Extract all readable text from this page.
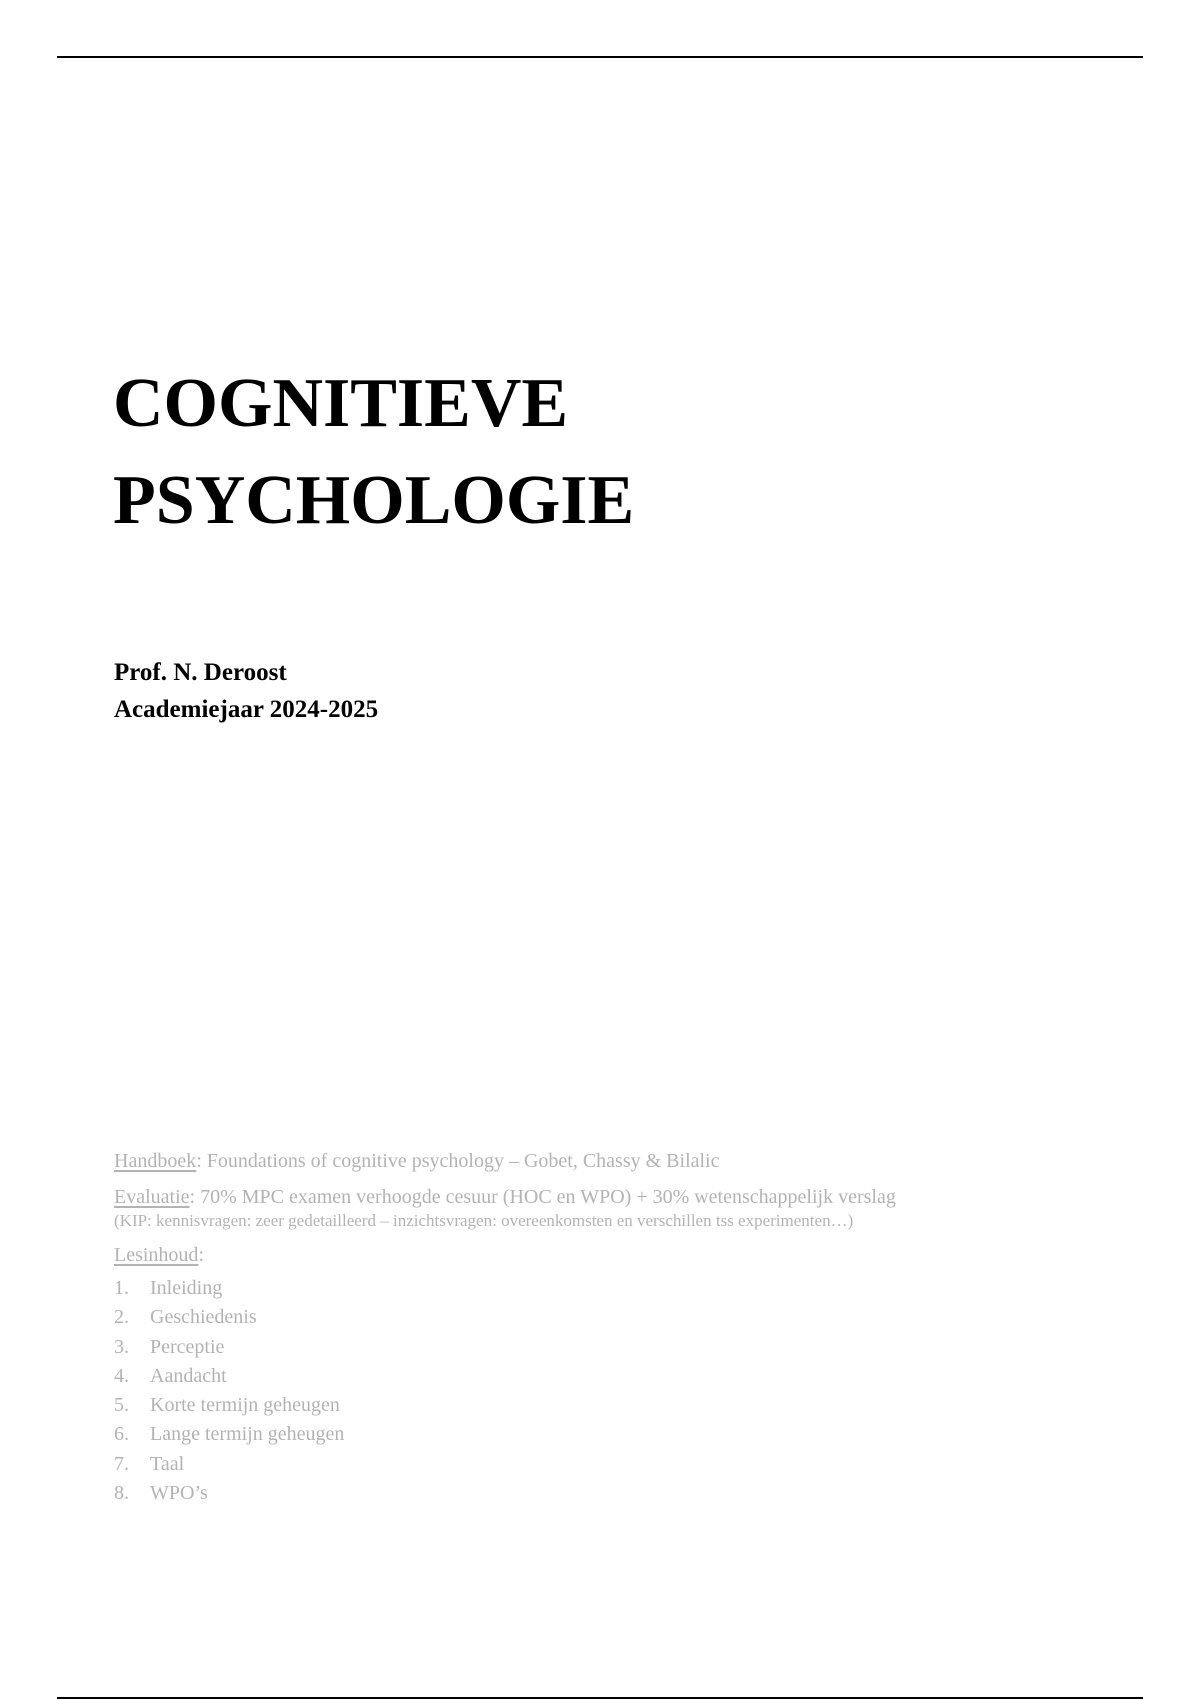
COGNITIEVE
PSYCHOLOGIE
Prof. N. Deroost
Academiejaar 2024-2025
Handboek: Foundations of cognitive psychology – Gobet, Chassy & Bilalic
Evaluatie: 70% MPC examen verhoogde cesuur (HOC en WPO) + 30% wetenschappelijk verslag
(KIP: kennisvragen: zeer gedetailleerd – inzichtsvragen: overeenkomsten en verschillen tss experimenten…)
Lesinhoud:
1.	Inleiding
2.	Geschiedenis
3.	Perceptie
4.	Aandacht
5.	Korte termijn geheugen
6.	Lange termijn geheugen
7.	Taal
8.	WPO’s
